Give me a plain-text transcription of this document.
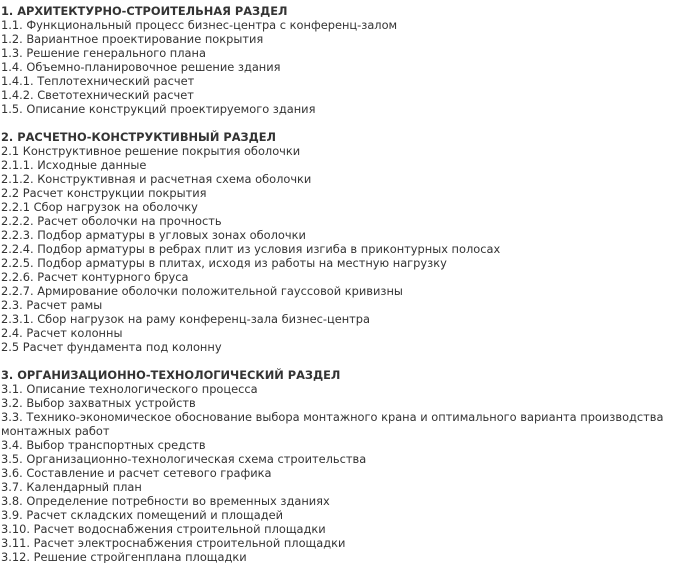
1. АРХИТЕКТУРНО-СТРОИТЕЛЬНАЯ РАЗДЕЛ
1.1. Функциональный процесс бизнес-центра с конференц-залом
1.2. Вариантное проектирование покрытия
1.3. Решение генерального плана
1.4. Объемно-планировочное решение здания
1.4.1. Теплотехнический расчет
1.4.2. Светотехнический расчет
1.5. Описание конструкций проектируемого здания
2. РАСЧЕТНО-КОНСТРУКТИВНЫЙ РАЗДЕЛ
2.1 Конструктивное решение покрытия оболочки
2.1.1. Исходные данные
2.1.2. Конструктивная и расчетная схема оболочки
2.2 Расчет конструкции покрытия
2.2.1 Сбор нагрузок на оболочку
2.2.2. Расчет оболочки на прочность
2.2.3. Подбор арматуры в угловых зонах оболочки
2.2.4. Подбор арматуры в ребрах плит из условия изгиба в приконтурных полосах
2.2.5. Подбор арматуры в плитах, исходя из работы на местную нагрузку
2.2.6. Расчет контурного бруса
2.2.7. Армирование оболочки положительной гауссовой кривизны
2.3. Расчет рамы
2.3.1. Сбор нагрузок на раму конференц-зала бизнес-центра
2.4. Расчет колонны
2.5 Расчет фундамента под колонну
3. ОРГАНИЗАЦИОННО-ТЕХНОЛОГИЧЕСКИЙ РАЗДЕЛ
3.1. Описание технологического процесса
3.2. Выбор захватных устройств
3.3. Технико-экономическое обоснование выбора монтажного крана и оптимального варианта производства монтажных работ
3.4. Выбор транспортных средств
3.5. Организационно-технологическая схема строительства
3.6. Составление и расчет сетевого графика
3.7. Календарный план
3.8. Определение потребности во временных зданиях
3.9. Расчет складских помещений и площадей
3.10. Расчет водоснабжения строительной площадки
3.11. Расчет электроснабжения строительной площадки
3.12. Решение стройгенплана площадки
